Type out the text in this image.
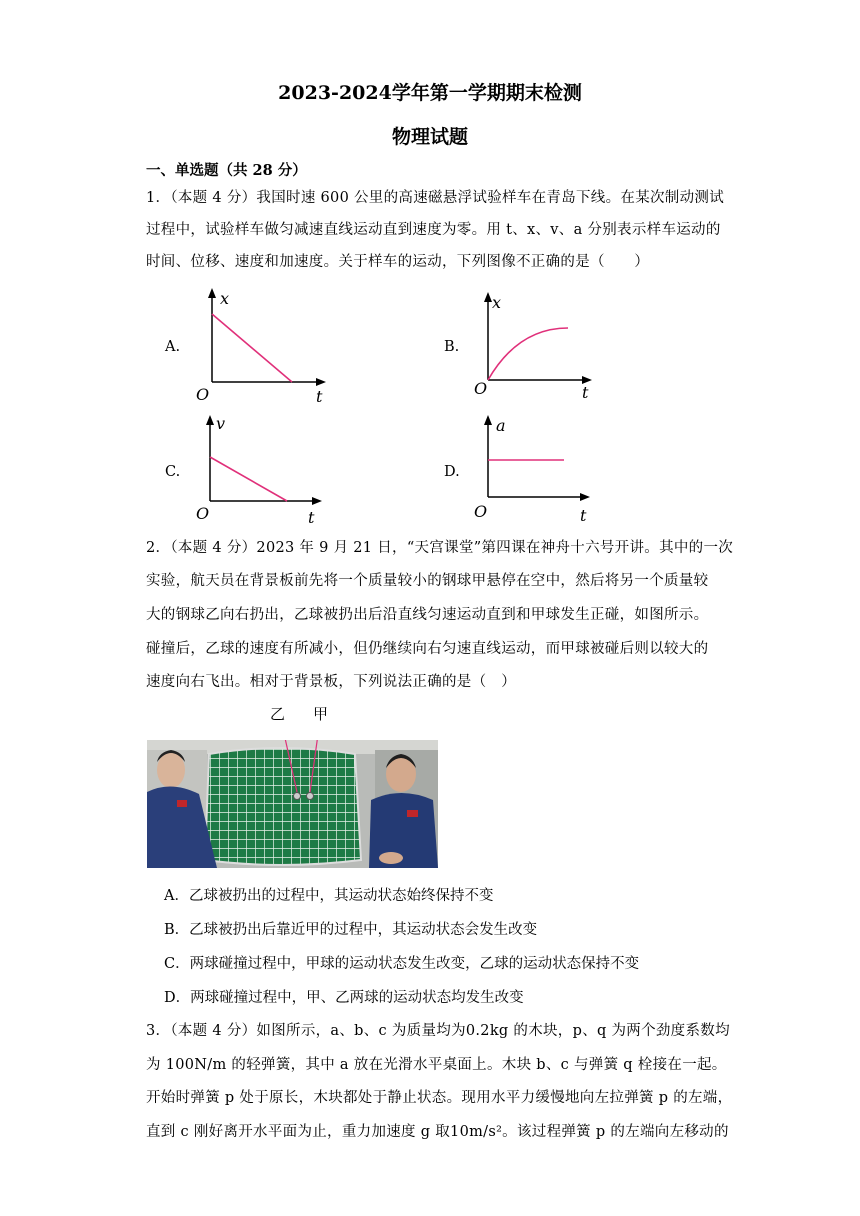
2023-2024学年第一学期期末检测
物理试题
一、单选题（共 28 分）
1．（本题 4 分）我国时速 600 公里的高速磁悬浮试验样车在青岛下线。在某次制动测试
过程中，试验样车做匀减速直线运动直到速度为零。用 t、x、v、a 分别表示样车运动的
时间、位移、速度和加速度。关于样车的运动，下列图像不正确的是（　　）
A.
x
t
O
B.
x
t
O
C.
v
t
O
D.
a
t
O
2．（本题 4 分）2023 年 9 月 21 日，“天宫课堂”第四课在神舟十六号开讲。其中的一次
实验，航天员在背景板前先将一个质量较小的钢球甲悬停在空中，然后将另一个质量较
大的钢球乙向右扔出，乙球被扔出后沿直线匀速运动直到和甲球发生正碰，如图所示。
碰撞后，乙球的速度有所减小，但仍继续向右匀速直线运动，而甲球被碰后则以较大的
速度向右飞出。相对于背景板，下列说法正确的是（　）
乙 甲
A．乙球被扔出的过程中，其运动状态始终保持不变
B．乙球被扔出后靠近甲的过程中，其运动状态会发生改变
C．两球碰撞过程中，甲球的运动状态发生改变，乙球的运动状态保持不变
D．两球碰撞过程中，甲、乙两球的运动状态均发生改变
3．（本题 4 分）如图所示，a、b、c 为质量均为0.2kg 的木块，p、q 为两个劲度系数均
为 100N/m 的轻弹簧，其中 a 放在光滑水平桌面上。木块 b、c 与弹簧 q 栓接在一起。
开始时弹簧 p 处于原长，木块都处于静止状态。现用水平力缓慢地向左拉弹簧 p 的左端，
直到 c 刚好离开水平面为止，重力加速度 g 取10m/s²。该过程弹簧 p 的左端向左移动的
